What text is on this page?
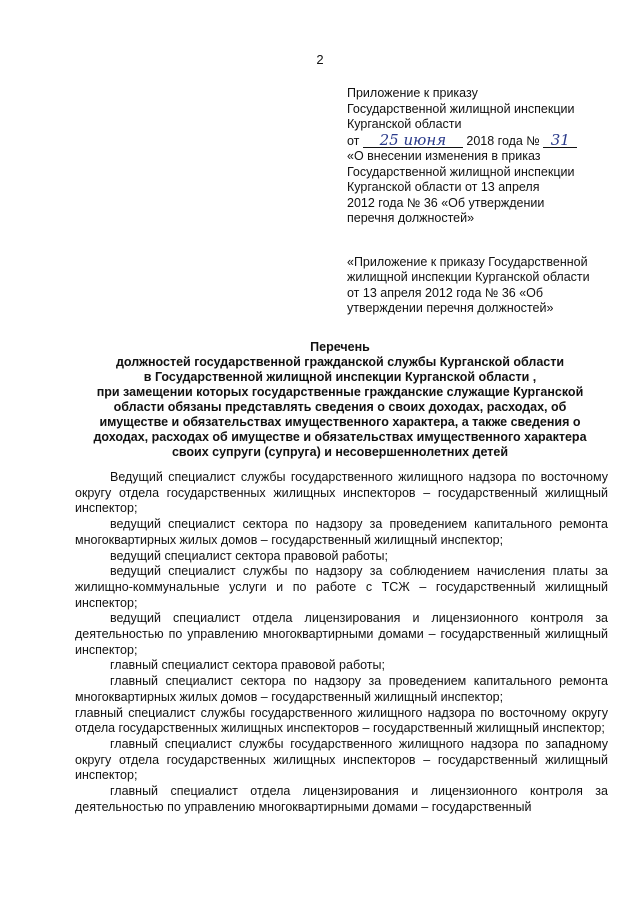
2
Приложение к приказу
Государственной жилищной инспекции
Курганской области
от 25 июня 2018 года № 31
«О внесении изменения в приказ
Государственной жилищной инспекции
Курганской области от 13 апреля
2012 года № 36 «Об утверждении
перечня должностей»
«Приложение к приказу Государственной
жилищной инспекции Курганской области
от 13 апреля 2012 года № 36 «Об
утверждении перечня должностей»
Перечень
должностей государственной гражданской службы Курганской области
в Государственной жилищной инспекции Курганской области ,
при замещении которых государственные гражданские служащие Курганской
области обязаны представлять сведения о своих доходах, расходах, об
имуществе и обязательствах имущественного характера, а также сведения о
доходах, расходах об имуществе и обязательствах имущественного характера
своих супруги (супруга) и несовершеннолетних детей

Ведущий специалист службы государственного жилищного надзора по восточному округу отдела государственных жилищных инспекторов – государственный жилищный инспектор;

ведущий специалист сектора по надзору за проведением капитального ремонта многоквартирных жилых домов – государственный жилищный инспектор;

ведущий специалист сектора правовой работы;

ведущий специалист службы по надзору за соблюдением начисления платы за жилищно-коммунальные услуги и по работе с ТСЖ – государственный жилищный инспектор;

ведущий специалист отдела лицензирования и лицензионного контроля за деятельностью по управлению многоквартирными домами – государственный жилищный инспектор;

главный специалист сектора правовой работы;

главный специалист сектора по надзору за проведением капитального ремонта многоквартирных жилых домов – государственный жилищный инспектор;

главный специалист службы государственного жилищного надзора по восточному округу отдела государственных жилищных инспекторов – государственный жилищный инспектор;

главный специалист службы государственного жилищного надзора по западному округу отдела государственных жилищных инспекторов – государственный жилищный инспектор;

главный специалист отдела лицензирования и лицензионного контроля за деятельностью по управлению многоквартирными домами – государственный
